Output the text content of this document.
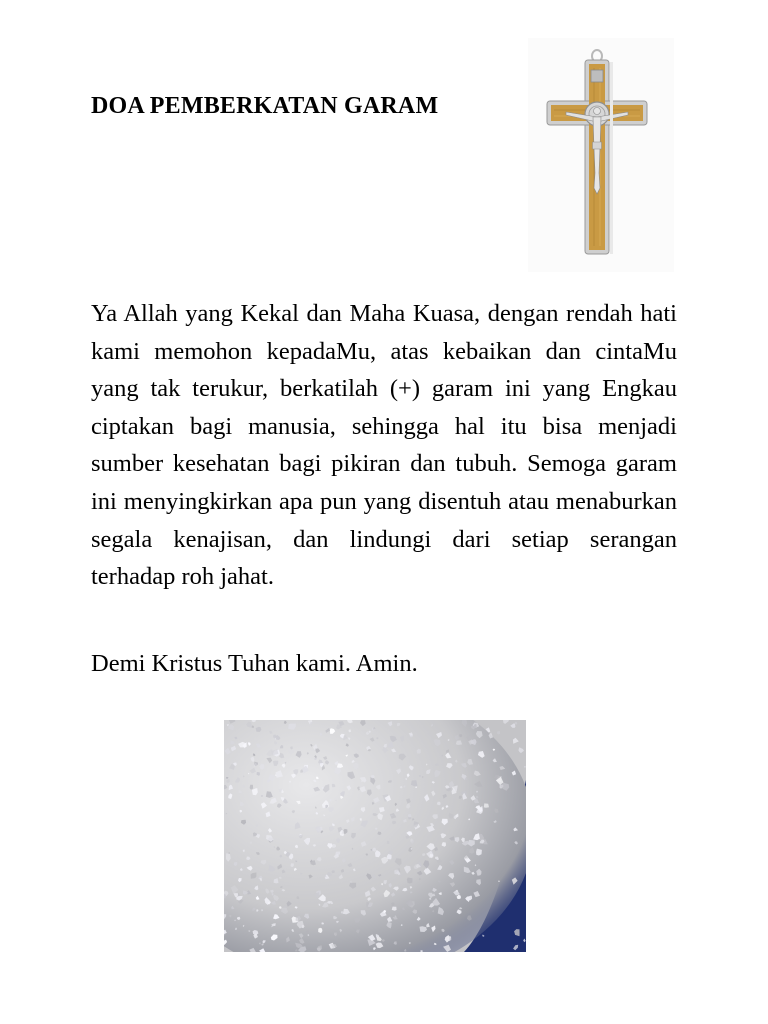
DOA PEMBERKATAN GARAM

Ya Allah yang Kekal dan Maha Kuasa, dengan rendah hati kami memohon kepadaMu, atas kebaikan dan cintaMu yang tak terukur, berkatilah (+) garam ini yang Engkau ciptakan bagi manusia, sehingga hal itu bisa menjadi sumber kesehatan bagi pikiran dan tubuh. Semoga garam ini menyingkirkan apa pun yang disentuh atau menaburkan segala kenajisan, dan lindungi dari setiap serangan terhadap roh jahat.

Demi Kristus Tuhan kami. Amin.
